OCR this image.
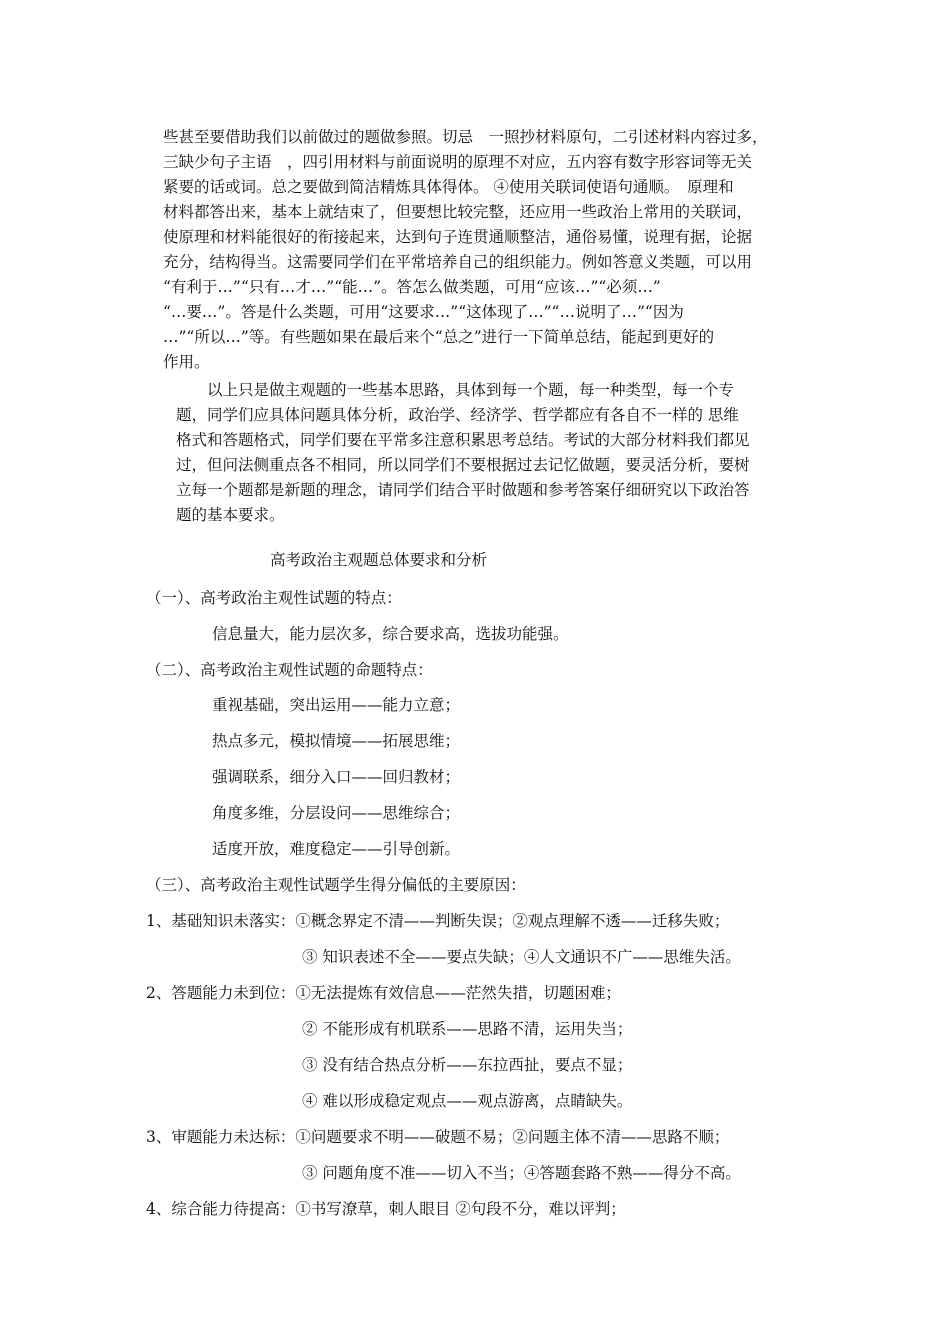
些甚至要借助我们以前做过的题做参照。切忌　一照抄材料原句，二引述材料内容过多，
三缺少句子主语　，四引用材料与前面说明的原理不对应，五内容有数字形容词等无关
紧要的话或词。总之要做到简洁精炼具体得体。 ④使用关联词使语句通顺。　原理和
材料都答出来，基本上就结束了，但要想比较完整，还应用一些政治上常用的关联词，
使原理和材料能很好的衔接起来，达到句子连贯通顺整洁，通俗易懂，说理有据，论据
充分，结构得当。这需要同学们在平常培养自己的组织能力。例如答意义类题，可以用
“有利于…”“只有…才…”“能…”。答怎么做类题，可用“应该…”“必须…”
“…要…”。答是什么类题，可用“这要求…”“这体现了…”“…说明了…”“因为
…”“所以…”等。有些题如果在最后来个“总之”进行一下简单总结，能起到更好的
作用。
　　以上只是做主观题的一些基本思路，具体到每一个题，每一种类型，每一个专
题，同学们应具体问题具体分析，政治学、经济学、哲学都应有各自不一样的 思维
格式和答题格式，同学们要在平常多注意积累思考总结。考试的大部分材料我们都见
过，但问法侧重点各不相同，所以同学们不要根据过去记忆做题，要灵活分析，要树
立每一个题都是新题的理念，请同学们结合平时做题和参考答案仔细研究以下政治答
题的基本要求。
高考政治主观题总体要求和分析
（一）、高考政治主观性试题的特点：
信息量大，能力层次多，综合要求高，选拔功能强。
（二）、高考政治主观性试题的命题特点：
重视基础，突出运用——能力立意；
热点多元，模拟情境——拓展思维；
强调联系，细分入口——回归教材；
角度多维，分层设问——思维综合；
适度开放，难度稳定——引导创新。
（三）、高考政治主观性试题学生得分偏低的主要原因：
1、基础知识未落实：①概念界定不清——判断失误；②观点理解不透——迁移失败；
③ 知识表述不全——要点失缺；④人文通识不广——思维失活。
2、答题能力未到位：①无法提炼有效信息——茫然失措，切题困难；
② 不能形成有机联系——思路不清，运用失当；
③ 没有结合热点分析——东拉西扯，要点不显；
④ 难以形成稳定观点——观点游离，点睛缺失。
3、审题能力未达标：①问题要求不明——破题不易；②问题主体不清——思路不顺；
③ 问题角度不准——切入不当；④答题套路不熟——得分不高。
4、综合能力待提高：①书写潦草，刺人眼目 ②句段不分，难以评判；
